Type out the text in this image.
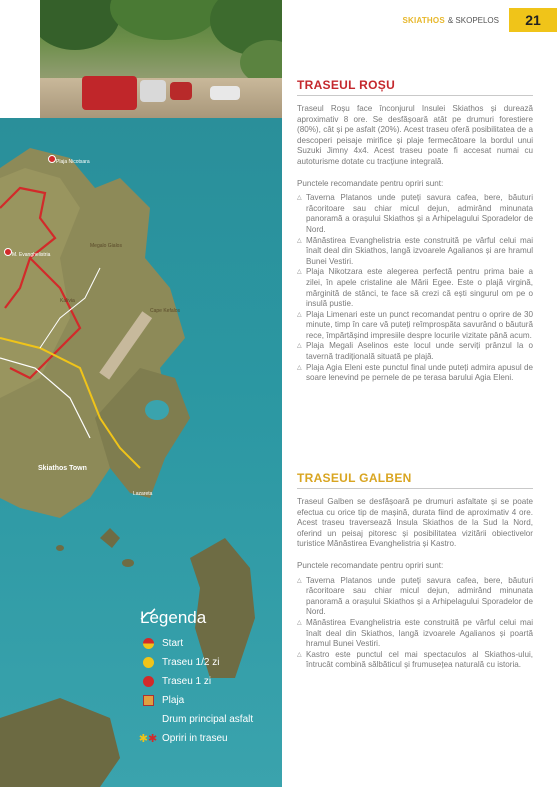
SKIATHOS & SKOPELOS	21
Plaja Nicotsara
M. Evanghelistria
Megalo Gialos
Kalivia
Cape Kefalos
Skiathos Town
Lazareta
Legenda
Start
Traseu 1/2 zi
Traseu 1 zi
Plaja
Drum principal asfalt
✱ ✱ Opriri in traseu
TRASEUL ROȘU

Traseul Roșu face înconjurul Insulei Skiathos și durează aproximativ 8 ore. Se desfășoară atât pe drumuri forestiere (80%), cât și pe asfalt (20%). Acest traseu oferă posibilitatea de a descoperi peisaje mirifice și plaje fermecătoare la bordul unui Suzuki Jimny 4x4. Acest traseu poate fi accesat numai cu autoturisme dotate cu tracțiune integrală.

Punctele recomandate pentru opriri sunt:

△ Taverna Platanos unde puteți savura cafea, bere, băuturi răcoritoare sau chiar micul dejun, admirând minunata panoramă a orașului Skiathos și a Arhipelagului Sporadelor de Nord.
△ Mănăstirea Evanghelistria este construită pe vârful celui mai înalt deal din Skiathos, langă izvoarele Agalianos și are hramul Bunei Vestiri.
△ Plaja Nikotzara este alegerea perfectă pentru prima baie a zilei, în apele cristaline ale Mării Egee. Este o plajă virgină, mărginită de stânci, te face să crezi că ești singurul om pe o insulă pustie.
△ Plaja Limenari este un punct recomandat pentru o oprire de 30 minute, timp în care vă puteți reîmprospăta savurând o băutură rece, împărtășind impresiile despre locurile vizitate până acum.
△ Plaja Megali Aselinos este locul unde serviți prânzul la o tavernă tradițională situată pe plajă.
△ Plaja Agia Eleni este punctul final unde puteți admira apusul de soare lenevind pe pernele de pe terasa barului Agia Eleni.
TRASEUL GALBEN

Traseul Galben se desfășoară pe drumuri asfaltate și se poate efectua cu orice tip de mașină, durata fiind de aproximativ 4 ore. Acest traseu traversează Insula Skiathos de la Sud la Nord, oferind un peisaj pitoresc și posibilitatea vizitării obiectivelor turistice Mănăstirea Evanghelistria și Kastro.

Punctele recomandate pentru opriri sunt:

△ Taverna Platanos unde puteți savura cafea, bere, băuturi răcoritoare sau chiar micul dejun, admirând minunata panoramă a orașului Skiathos și a Arhipelagului Sporadelor de Nord.
△ Mănăstirea Evanghelistria este construită pe vârful celui mai înalt deal din Skiathos, langă izvoarele Agalianos și poartă hramul Bunei Vestiri.
△ Kastro este punctul cel mai spectaculos al Skiathos-ului, întrucât combină sălbăticul și frumusețea naturală cu istoria.
